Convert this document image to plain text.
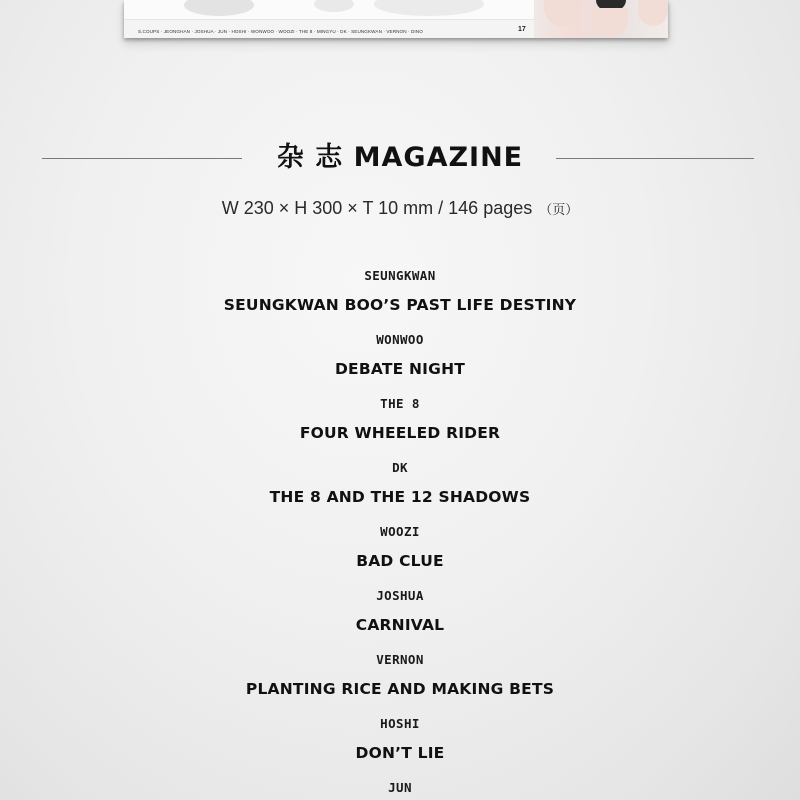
S.COUPS · JEONGHAN · JOSHUA · JUN · HOSHI · WONWOO · WOOZI · THE 8 · MINGYU · DK · SEUNGKWAN · VERNON · DINO	17
杂 志 MAGAZINE
W 230 × H 300 × T 10 mm / 146 pages （页）
SEUNGKWAN
SEUNGKWAN BOO’S PAST LIFE DESTINY
WONWOO
DEBATE NIGHT
THE 8
FOUR WHEELED RIDER
DK
THE 8 AND THE 12 SHADOWS
WOOZI
BAD CLUE
JOSHUA
CARNIVAL
VERNON
PLANTING RICE AND MAKING BETS
HOSHI
DON’T LIE
JUN
